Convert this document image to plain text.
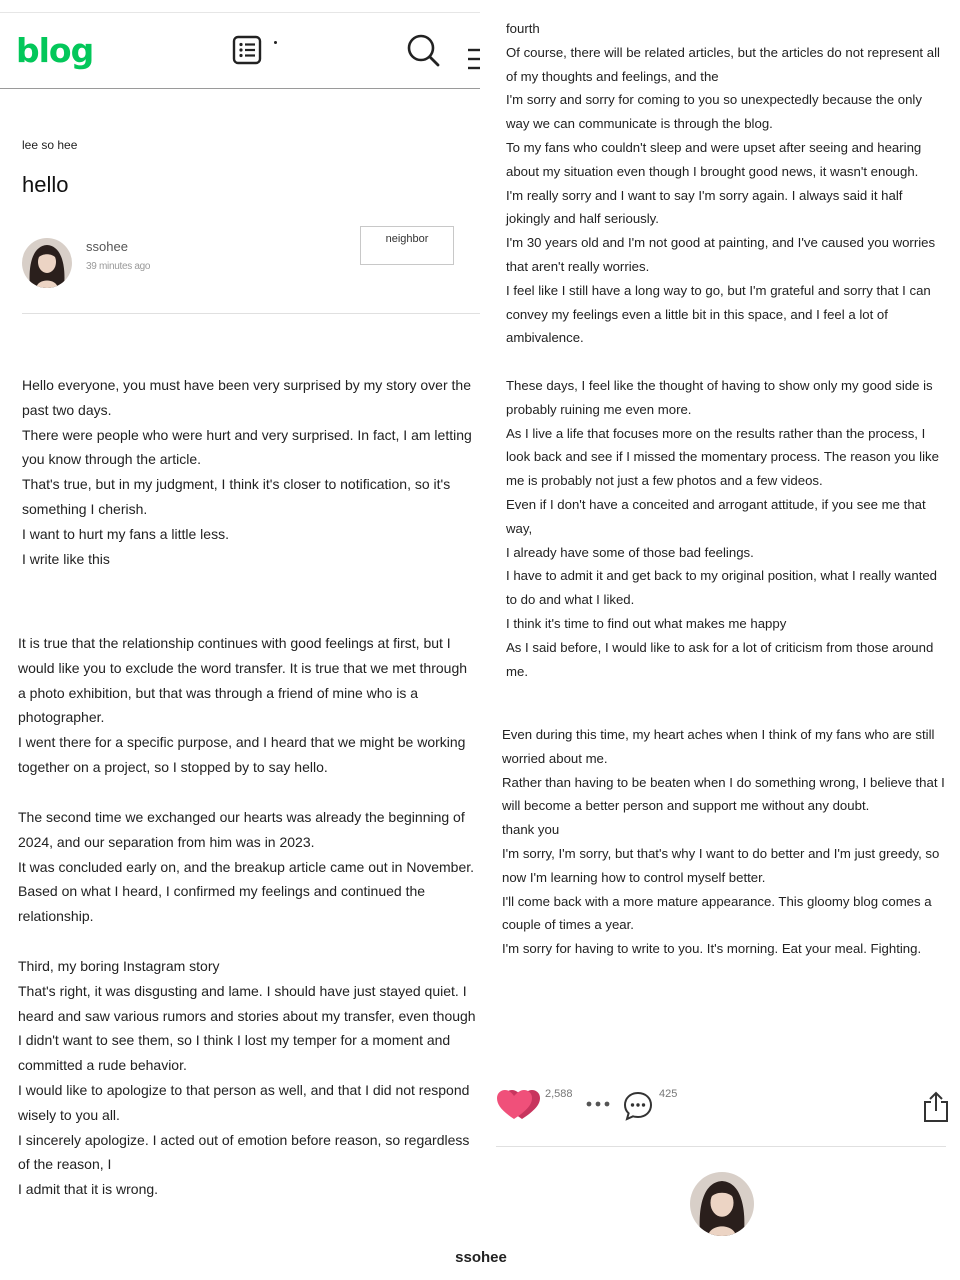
blog
lee so hee
hello
ssohee
39 minutes ago
neighbor

Hello everyone, you must have been very surprised by my story over the past two days.

There were people who were hurt and very surprised. In fact, I am letting you know through the article.

That's true, but in my judgment, I think it's closer to notification, so it's something I cherish.

I want to hurt my fans a little less.

I write like this

It is true that the relationship continues with good feelings at first, but I would like you to exclude the word transfer. It is true that we met through a photo exhibition, but that was through a friend of mine who is a photographer.

I went there for a specific purpose, and I heard that we might be working together on a project, so I stopped by to say hello.

The second time we exchanged our hearts was already the beginning of 2024, and our separation from him was in 2023.

It was concluded early on, and the breakup article came out in November. Based on what I heard, I confirmed my feelings and continued the relationship.

Third, my boring Instagram story

That's right, it was disgusting and lame. I should have just stayed quiet. I heard and saw various rumors and stories about my transfer, even though I didn't want to see them, so I think I lost my temper for a moment and committed a rude behavior.

I would like to apologize to that person as well, and that I did not respond wisely to you all.

I sincerely apologize. I acted out of emotion before reason, so regardless of the reason, I

I admit that it is wrong.

fourth

Of course, there will be related articles, but the articles do not represent all of my thoughts and feelings, and the

I'm sorry and sorry for coming to you so unexpectedly because the only way we can communicate is through the blog.

To my fans who couldn't sleep and were upset after seeing and hearing about my situation even though I brought good news, it wasn't enough.

I'm really sorry and I want to say I'm sorry again. I always said it half jokingly and half seriously.

I'm 30 years old and I'm not good at painting, and I've caused you worries that aren't really worries.

I feel like I still have a long way to go, but I'm grateful and sorry that I can convey my feelings even a little bit in this space, and I feel a lot of ambivalence.

These days, I feel like the thought of having to show only my good side is probably ruining me even more.

As I live a life that focuses more on the results rather than the process, I look back and see if I missed the momentary process. The reason you like me is probably not just a few photos and a few videos.

Even if I don't have a conceited and arrogant attitude, if you see me that way,

I already have some of those bad feelings.

I have to admit it and get back to my original position, what I really wanted to do and what I liked.

I think it's time to find out what makes me happy

As I said before, I would like to ask for a lot of criticism from those around me.

Even during this time, my heart aches when I think of my fans who are still worried about me.

Rather than having to be beaten when I do something wrong, I believe that I will become a better person and support me without any doubt.

thank you

I'm sorry, I'm sorry, but that's why I want to do better and I'm just greedy, so now I'm learning how to control myself better.

I'll come back with a more mature appearance. This gloomy blog comes a couple of times a year.

I'm sorry for having to write to you. It's morning. Eat your meal. Fighting.

2,588	425
ssohee
